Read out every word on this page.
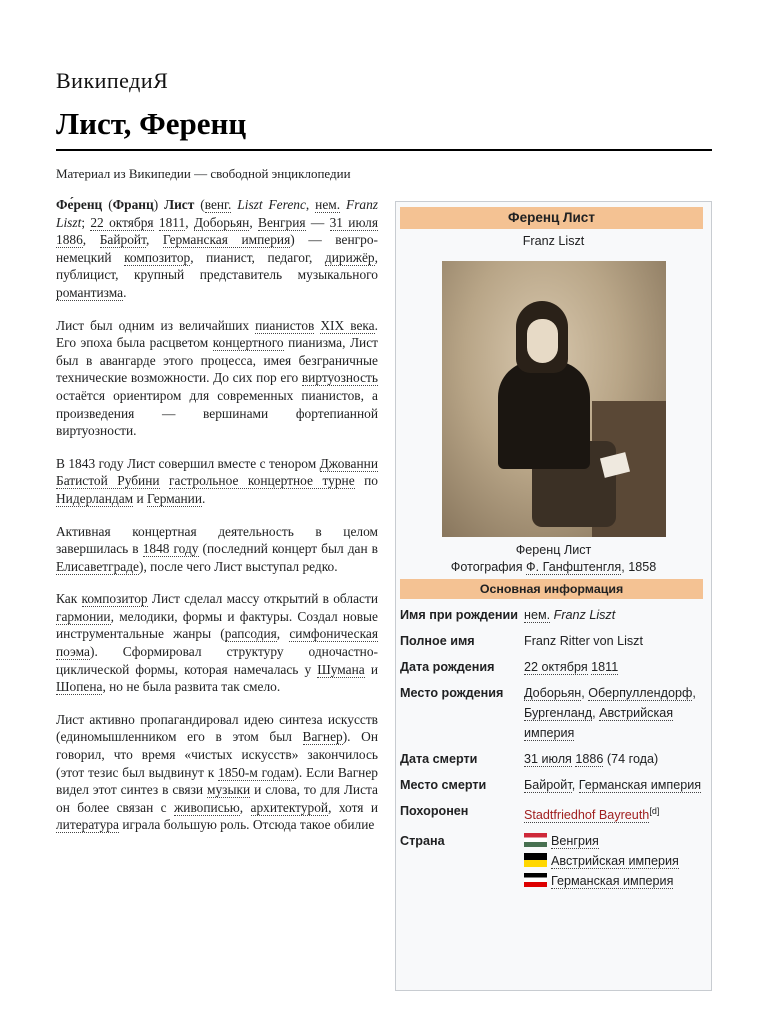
ВикипедиЯ
Лист, Ференц
Материал из Википедии — свободной энциклопедии

Фе́ренц (Франц) Лист (венг. Liszt Ferenc, нем. Franz Liszt; 22 октября 1811, Доборьян, Венгрия — 31 июля 1886, Байройт, Германская империя) — венгро-немецкий композитор, пианист, педагог, дирижёр, публицист, крупный представитель музыкального романтизма.

Лист был одним из величайших пианистов XIX века. Его эпоха была расцветом концертного пианизма, Лист был в авангарде этого процесса, имея безграничные технические возможности. До сих пор его виртуозность остаётся ориентиром для современных пианистов, а произведения — вершинами фортепианной виртуозности.

В 1843 году Лист совершил вместе с тенором Джованни Батистой Рубини гастрольное концертное турне по Нидерландам и Германии.

Активная концертная деятельность в целом завершилась в 1848 году (последний концерт был дан в Елисаветграде), после чего Лист выступал редко.

Как композитор Лист сделал массу открытий в области гармонии, мелодики, формы и фактуры. Создал новые инструментальные жанры (рапсодия, симфоническая поэма). Сформировал структуру одночастно-циклической формы, которая намечалась у Шумана и Шопена, но не была развита так смело.

Лист активно пропагандировал идею синтеза искусств (единомышленником его в этом был Вагнер). Он говорил, что время «чистых искусств» закончилось (этот тезис был выдвинут к 1850-м годам). Если Вагнер видел этот синтез в связи музыки и слова, то для Листа он более связан с живописью, архитектурой, хотя и литература играла большую роль. Отсюда такое обилие

Ференц Лист
Franz Liszt
Ференц Лист
Фотография Ф. Ганфштенгля, 1858
Основная информация
Имя при рождении	нем. Franz Liszt
Полное имя	Franz Ritter von Liszt
Дата рождения	22 октября 1811
Место рождения	Доборьян, Оберпуллендорф, Бургенланд, Австрийская империя
Дата смерти	31 июля 1886 (74 года)
Место смерти	Байройт, Германская империя
Похоронен	Stadtfriedhof Bayreuth[d]
Страна	Венгрия
Австрийская империя
Германская империя
